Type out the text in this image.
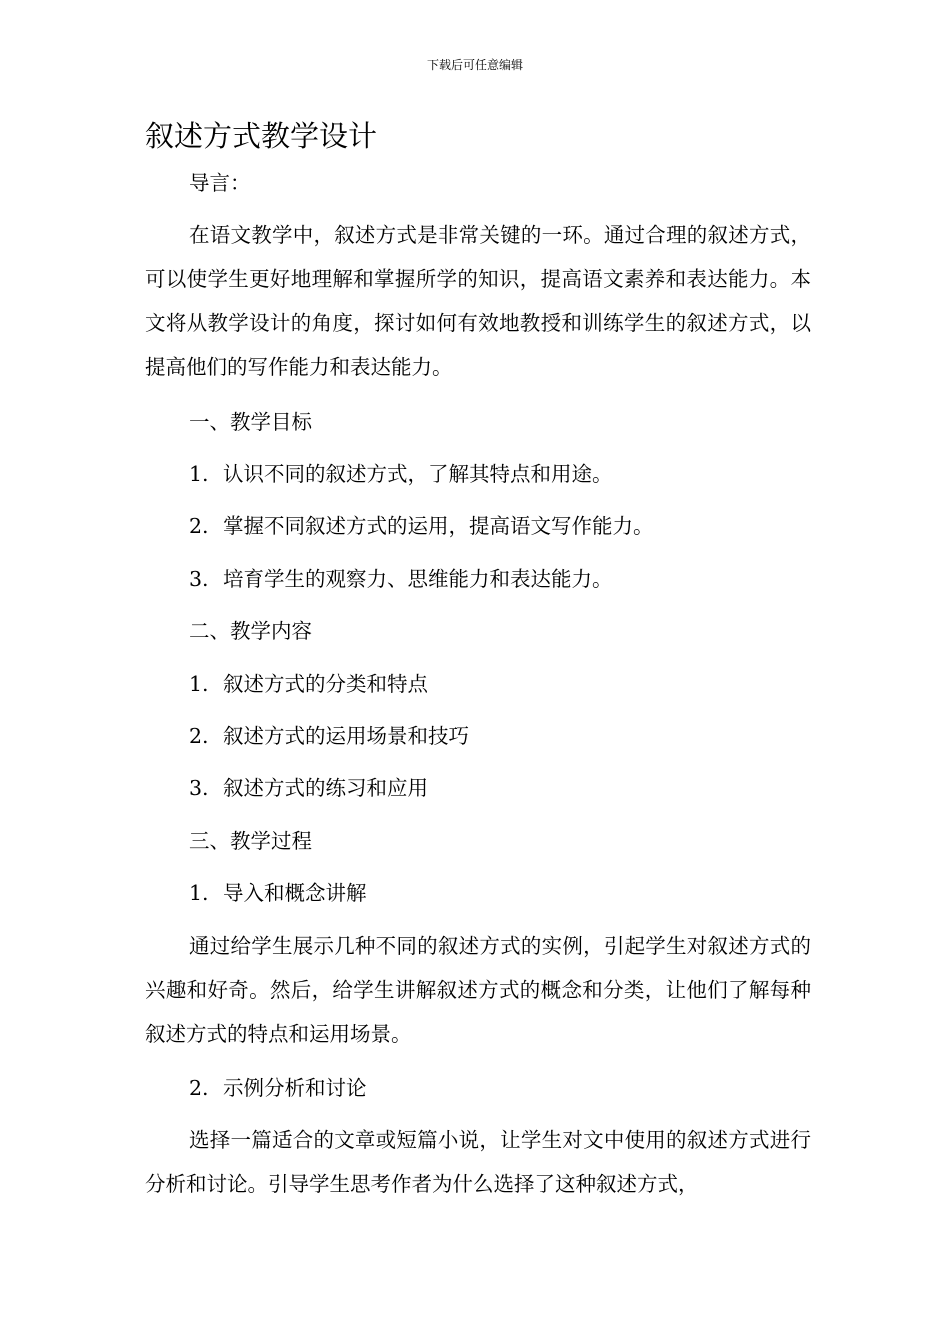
下载后可任意编辑
叙述方式教学设计
导言：

在语文教学中，叙述方式是非常关键的一环。通过合理的叙述方式，可以使学生更好地理解和掌握所学的知识，提高语文素养和表达能力。本文将从教学设计的角度，探讨如何有效地教授和训练学生的叙述方式，以提高他们的写作能力和表达能力。

一、教学目标
1. 认识不同的叙述方式，了解其特点和用途。
2. 掌握不同叙述方式的运用，提高语文写作能力。
3. 培育学生的观察力、思维能力和表达能力。
二、教学内容
1. 叙述方式的分类和特点
2. 叙述方式的运用场景和技巧
3. 叙述方式的练习和应用
三、教学过程
1. 导入和概念讲解

通过给学生展示几种不同的叙述方式的实例，引起学生对叙述方式的兴趣和好奇。然后，给学生讲解叙述方式的概念和分类，让他们了解每种叙述方式的特点和运用场景。

2. 示例分析和讨论

选择一篇适合的文章或短篇小说，让学生对文中使用的叙述方式进行分析和讨论。引导学生思考作者为什么选择了这种叙述方式，
